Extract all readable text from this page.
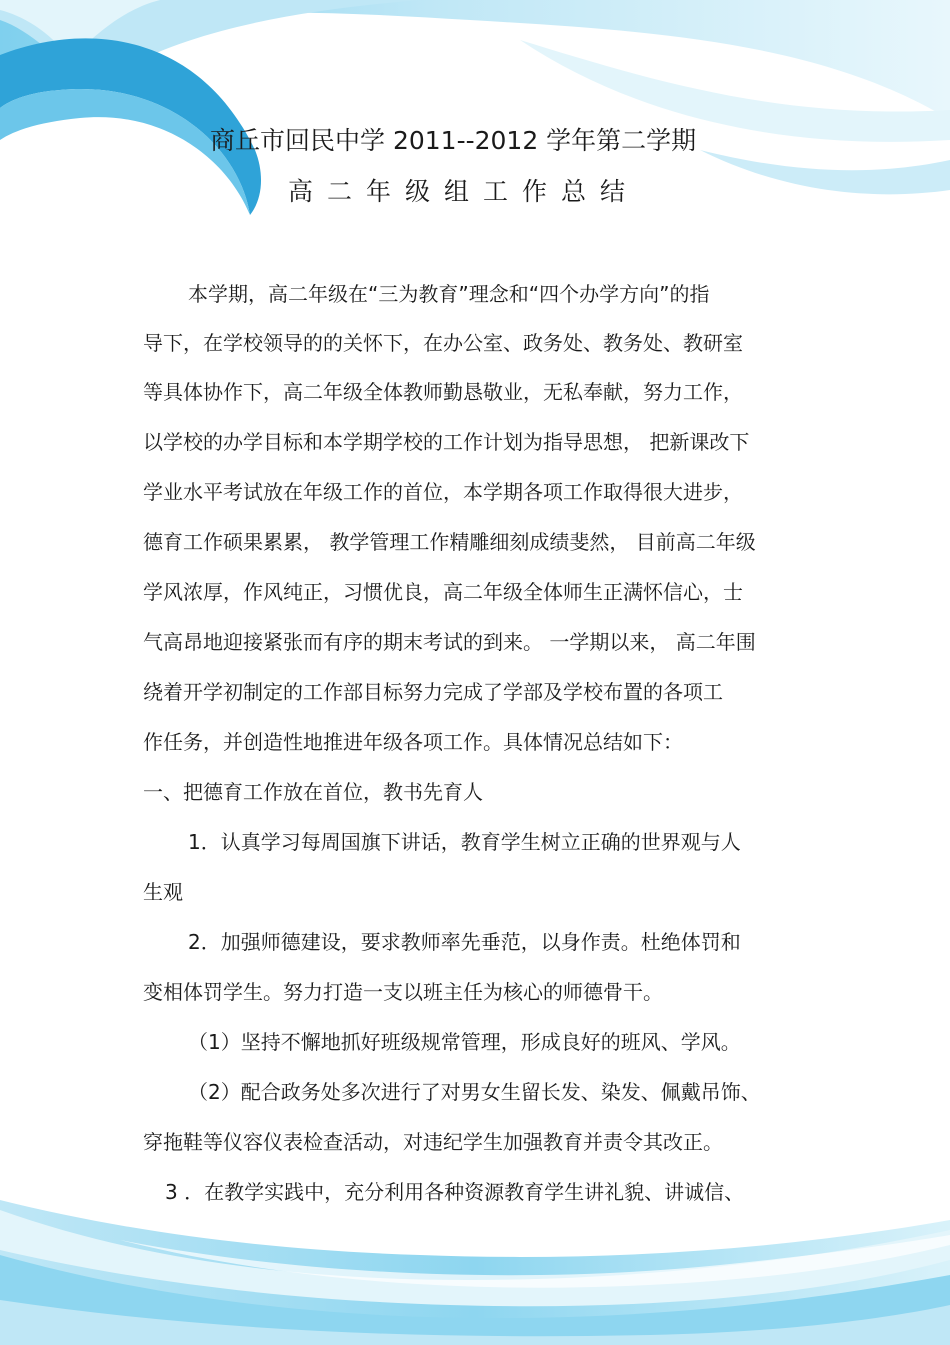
商丘市回民中学 2011--2012 学年第二学期
高二年级组工作总结
本学期，高二年级在“三为教育”理念和“四个办学方向”的指
导下，在学校领导的的关怀下，在办公室、政务处、教务处、教研室
等具体协作下，高二年级全体教师勤恳敬业，无私奉献，努力工作，
以学校的办学目标和本学期学校的工作计划为指导思想， 把新课改下
学业水平考试放在年级工作的首位，本学期各项工作取得很大进步，
德育工作硕果累累， 教学管理工作精雕细刻成绩斐然， 目前高二年级
学风浓厚，作风纯正，习惯优良，高二年级全体师生正满怀信心，士
气高昂地迎接紧张而有序的期末考试的到来。 一学期以来， 高二年围
绕着开学初制定的工作部目标努力完成了学部及学校布置的各项工
作任务，并创造性地推进年级各项工作。具体情况总结如下：
一、把德育工作放在首位，教书先育人
1．认真学习每周国旗下讲话，教育学生树立正确的世界观与人
生观
2．加强师德建设，要求教师率先垂范，以身作责。杜绝体罚和
变相体罚学生。努力打造一支以班主任为核心的师德骨干。
（1）坚持不懈地抓好班级规常管理，形成良好的班风、学风。
（2）配合政务处多次进行了对男女生留长发、染发、佩戴吊饰、
穿拖鞋等仪容仪表检查活动，对违纪学生加强教育并责令其改正。
3 ．在教学实践中，充分利用各种资源教育学生讲礼貌、讲诚信、
